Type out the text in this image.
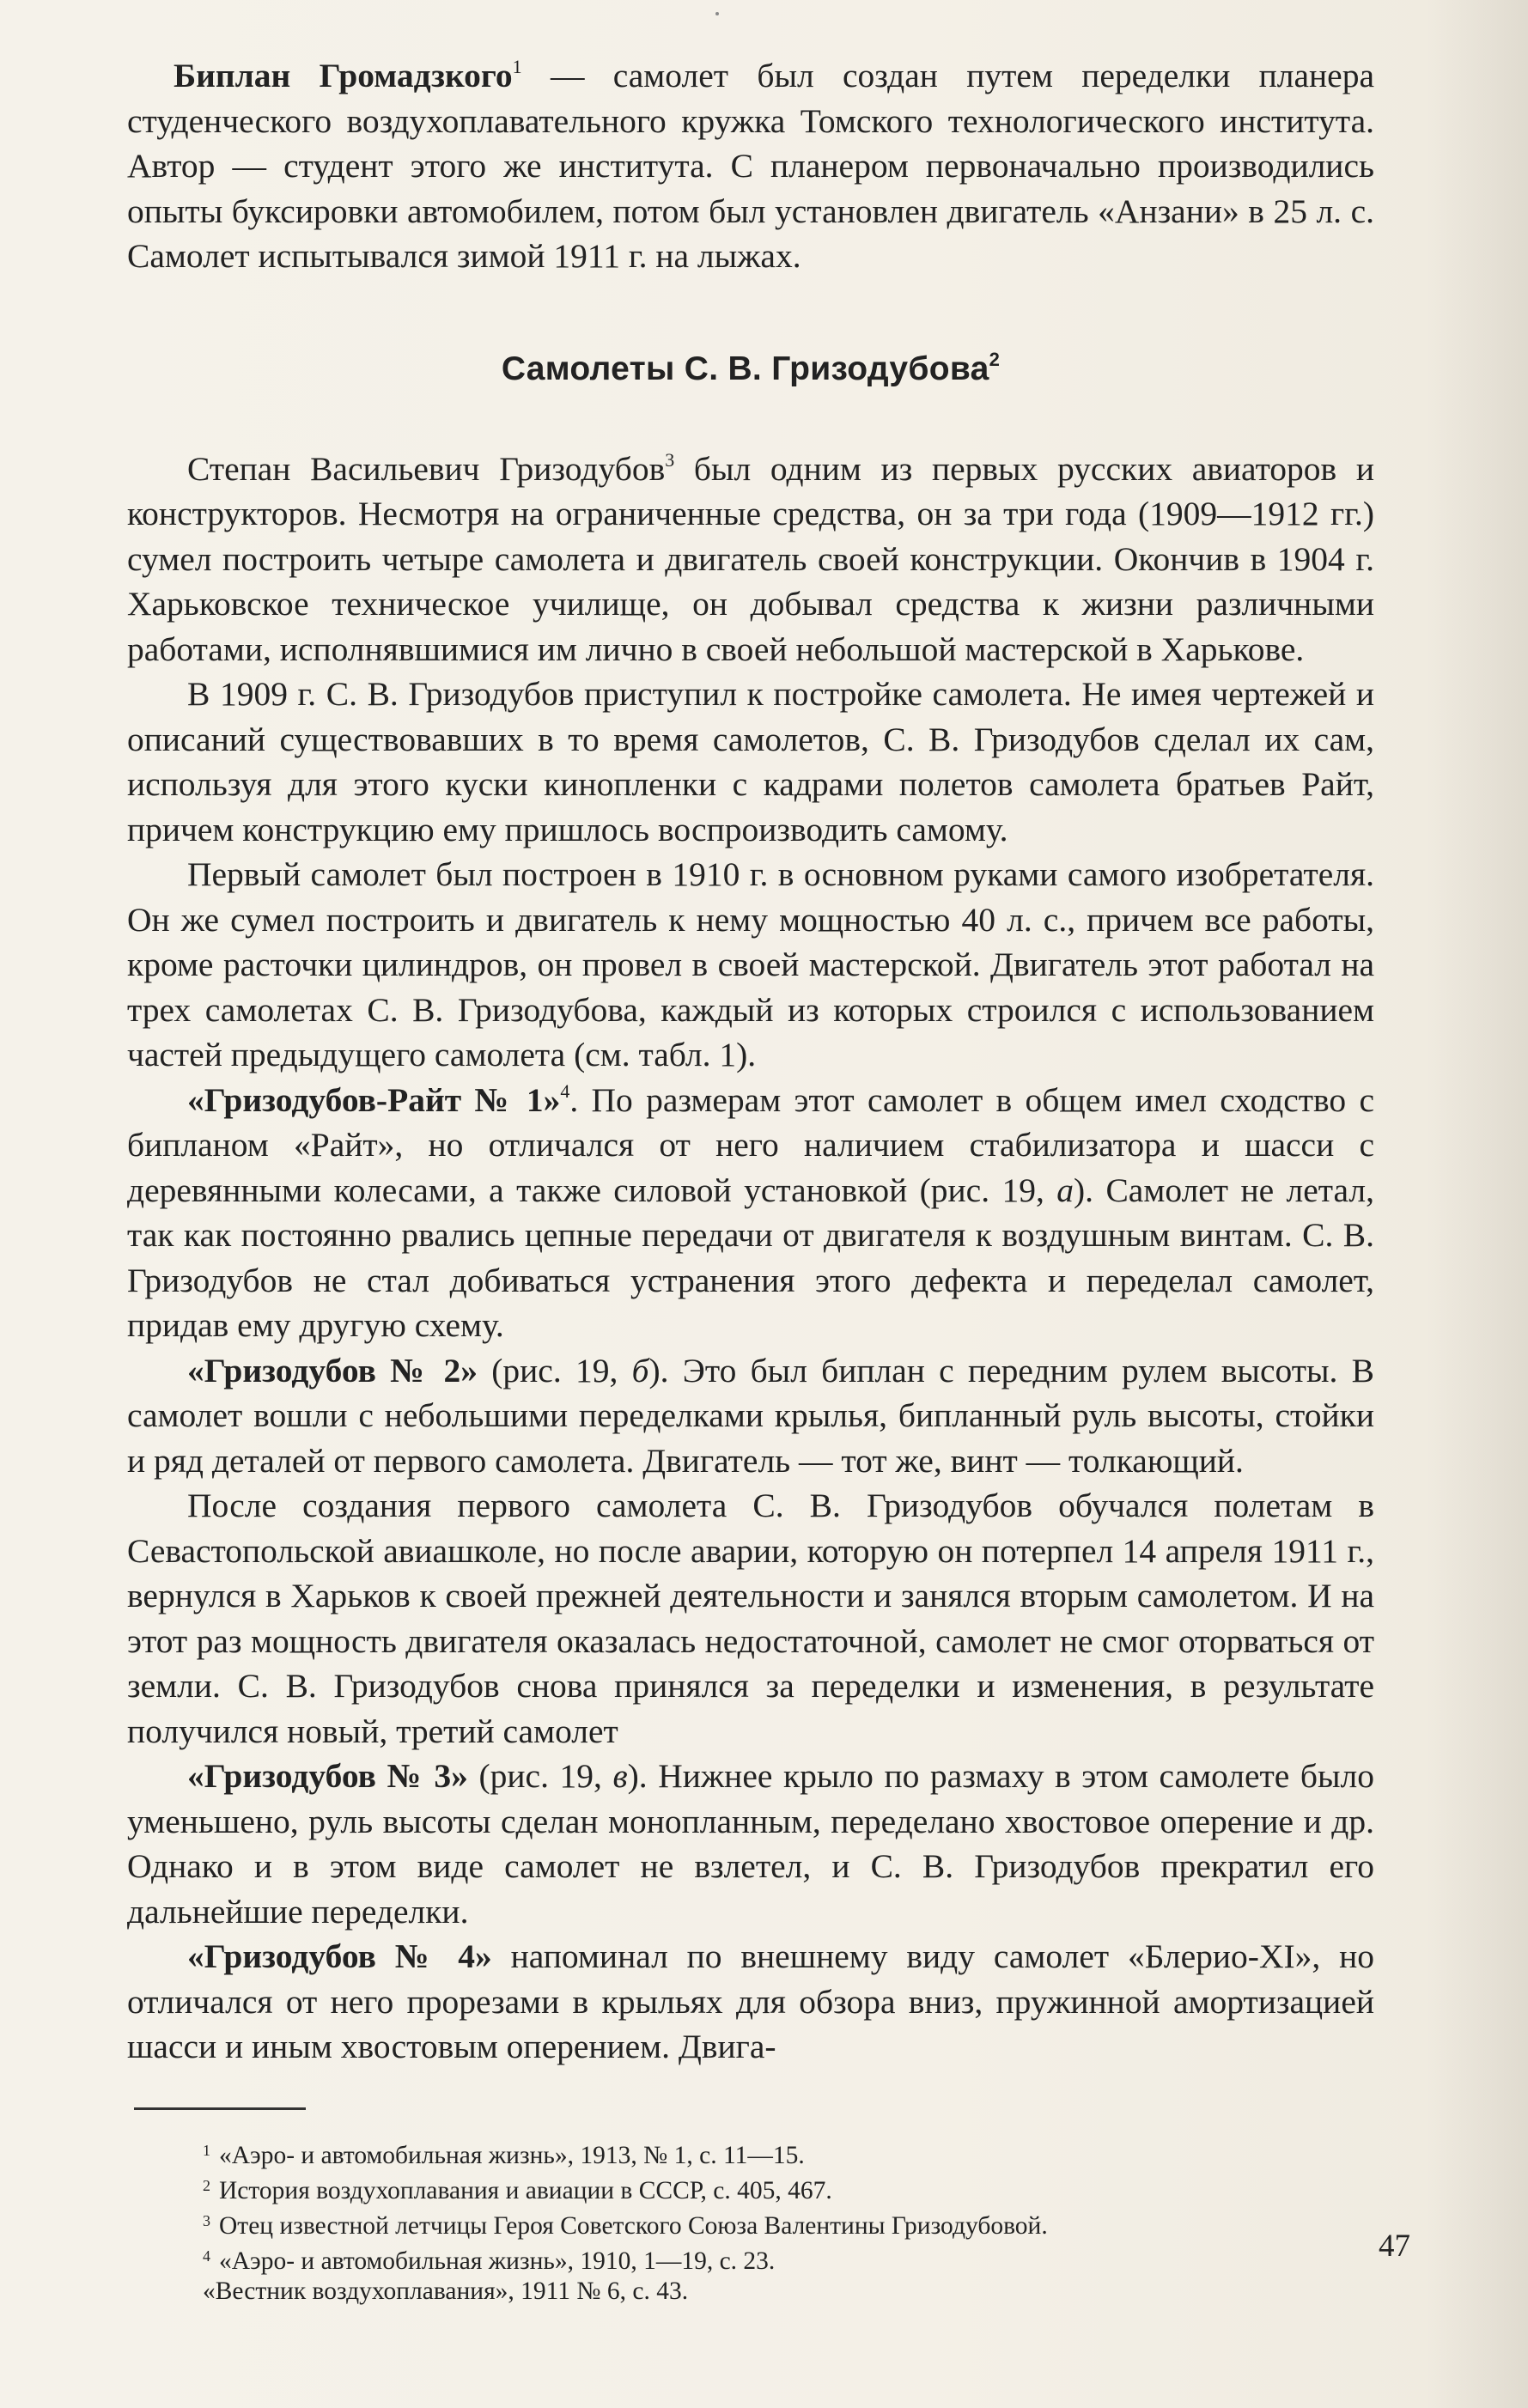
Биплан Громадзкого$^1$ — самолет был создан путем переделки планера студенческого воздухоплавательного кружка Томского технологического института. Автор — студент этого же института. С планером первоначально производились опыты буксировки автомобилем, потом был установлен двигатель «Анзани» в 25 л. с. Самолет испытывался зимой 1911 г. на лыжах.

Самолеты С. В. Гризодубова$^2$

Степан Васильевич Гризодубов$^3$ был одним из первых русских авиаторов и конструкторов. Несмотря на ограниченные средства, он за три года (1909—1912 гг.) сумел построить четыре самолета и двигатель своей конструкции. Окончив в 1904 г. Харьковское техническое училище, он добывал средства к жизни различными работами, исполнявшимися им лично в своей небольшой мастерской в Харькове.

В 1909 г. С. В. Гризодубов приступил к постройке самолета. Не имея чертежей и описаний существовавших в то время самолетов, С. В. Гризодубов сделал их сам, используя для этого куски кинопленки с кадрами полетов самолета братьев Райт, причем конструкцию ему пришлось воспроизводить самому.

Первый самолет был построен в 1910 г. в основном руками самого изобретателя. Он же сумел построить и двигатель к нему мощностью 40 л. с., причем все работы, кроме расточки цилиндров, он провел в своей мастерской. Двигатель этот работал на трех самолетах С. В. Гризодубова, каждый из которых строился с использованием частей предыдущего самолета (см. табл. 1).

«Гризодубов-Райт № 1»$^4$. По размерам этот самолет в общем имел сходство с бипланом «Райт», но отличался от него наличием стабилизатора и шасси с деревянными колесами, а также силовой установкой (рис. 19, а). Самолет не летал, так как постоянно рвались цепные передачи от двигателя к воздушным винтам. С. В. Гризодубов не стал добиваться устранения этого дефекта и переделал самолет, придав ему другую схему.

«Гризодубов № 2» (рис. 19, б). Это был биплан с передним рулем высоты. В самолет вошли с небольшими переделками крылья, бипланный руль высоты, стойки и ряд деталей от первого самолета. Двигатель — тот же, винт — толкающий.

После создания первого самолета С. В. Гризодубов обучался полетам в Севастопольской авиашколе, но после аварии, которую он потерпел 14 апреля 1911 г., вернулся в Харьков к своей прежней деятельности и занялся вторым самолетом. И на этот раз мощность двигателя оказалась недостаточной, самолет не смог оторваться от земли. С. В. Гризодубов снова принялся за переделки и изменения, в результате получился новый, третий самолет

«Гризодубов № 3» (рис. 19, в). Нижнее крыло по размаху в этом самолете было уменьшено, руль высоты сделан монопланным, переделано хвостовое оперение и др. Однако и в этом виде самолет не взлетел, и С. В. Гризодубов прекратил его дальнейшие переделки.

«Гризодубов № 4» напоминал по внешнему виду самолет «Блерио-XI», но отличался от него прорезами в крыльях для обзора вниз, пружинной амортизацией шасси и иным хвостовым оперением. Двига-

$^1$ «Аэро- и автомобильная жизнь», 1913, № 1, с. 11—15.
$^2$ История воздухоплавания и авиации в СССР, с. 405, 467.
$^3$ Отец известной летчицы Героя Советского Союза Валентины Гризодубовой.
$^4$ «Аэро- и автомобильная жизнь», 1910, 1—19, с. 23.
«Вестник воздухоплавания», 1911 № 6, с. 43.
47
